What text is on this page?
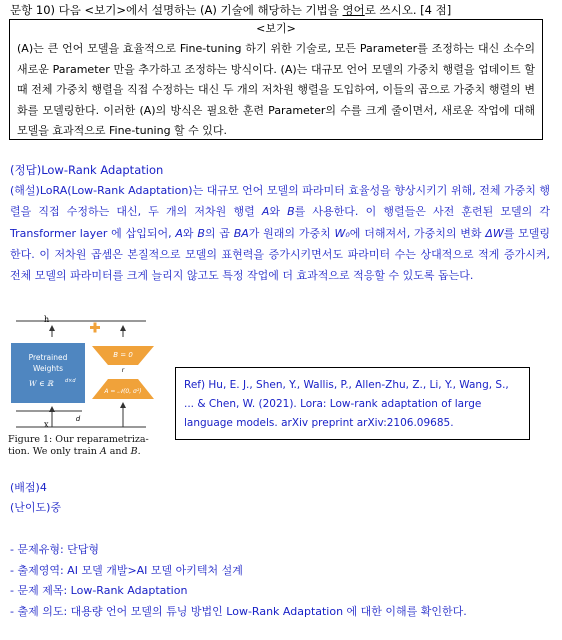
문항 10) 다음 <보기>에서 설명하는 (A) 기술에 해당하는 기법을 영어로 쓰시오. [4 점]
<보기>
(A)는 큰 언어 모델을 효율적으로 Fine-tuning 하기 위한 기술로, 모든 Parameter를 조정하는 대신 소수의 새로운 Parameter 만을 추가하고 조정하는 방식이다. (A)는 대규모 언어 모델의 가중치 행렬을 업데이트 할 때 전체 가중치 행렬을 직접 수정하는 대신 두 개의 저차원 행렬을 도입하여, 이들의 곱으로 가중치 행렬의 변화를 모델링한다. 이러한 (A)의 방식은 필요한 훈련 Parameter의 수를 크게 줄이면서, 새로운 작업에 대해 모델을 효과적으로 Fine-tuning 할 수 있다.
(정답)Low-Rank Adaptation
(해설)LoRA(Low-Rank Adaptation)는 대규모 언어 모델의 파라미터 효율성을 향상시키기 위해, 전체 가중치 행렬을 직접 수정하는 대신, 두 개의 저차원 행렬 A와 B를 사용한다. 이 행렬들은 사전 훈련된 모델의 각 Transformer layer 에 삽입되어, A와 B의 곱 BA가 원래의 가중치 W₀에 더해져서, 가중치의 변화 ΔW를 모델링한다. 이 저차원 곱셈은 본질적으로 모델의 표현력을 증가시키면서도 파라미터 수는 상대적으로 적게 증가시켜, 전체 모델의 파라미터를 크게 늘리지 않고도 특정 작업에 더 효과적으로 적응할 수 있도록 돕는다.
h
Pretrained
Weights
W ∈ ℝ d×d
B = 0
r
A = 𝒩(0, σ²)
d
x
Figure 1: Our reparametriza-
tion. We only train A and B.
Ref) Hu, E. J., Shen, Y., Wallis, P., Allen-Zhu, Z., Li, Y., Wang, S., ... & Chen, W. (2021). Lora: Low-rank adaptation of large language models. arXiv preprint arXiv:2106.09685.
(배점)4
(난이도)중
- 문제유형: 단답형
- 출제영역: AI 모델 개발>AI 모델 아키텍처 설계
- 문제 제목: Low-Rank Adaptation
- 출제 의도: 대용량 언어 모델의 튜닝 방법인 Low-Rank Adaptation 에 대한 이해를 확인한다.
